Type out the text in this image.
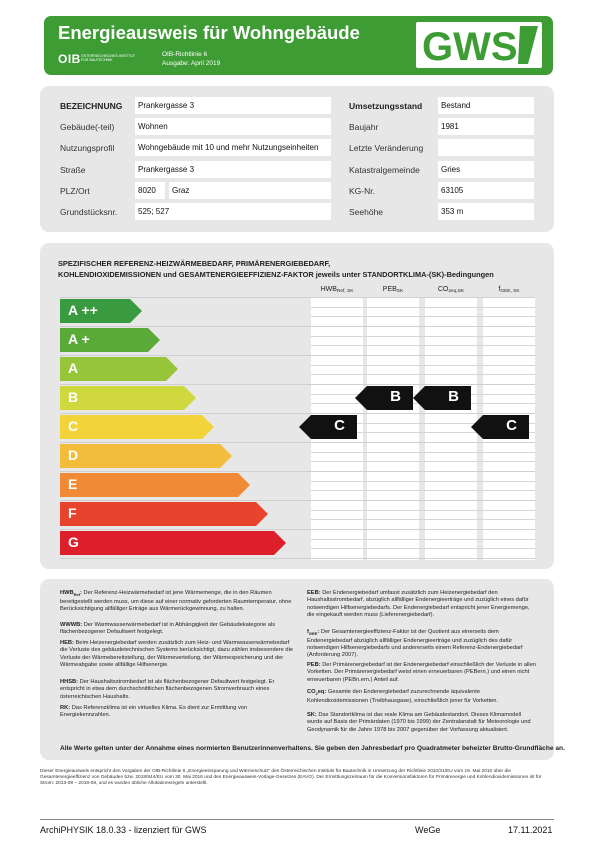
Energieausweis für Wohngebäude
OIB ÖSTERREICHISCHES INSTITUT FÜR BAUTECHNIK
OIB-Richtlinie 6
Ausgabe: April 2019	GWS
BEZEICHNUNG	Prankergasse 3
Gebäude(-teil)	Wohnen
Nutzungsprofil	Wohngebäude mit 10 und mehr Nutzungseinheiten
Straße	Prankergasse 3
PLZ/Ort	8020	Graz
Grundstücksnr.	525; 527
Umsetzungsstand	Bestand
Baujahr	1981
Letzte Veränderung
Katastralgemeinde	Gries
KG-Nr.	63105
Seehöhe	353 m
SPEZIFISCHER REFERENZ-HEIZWÄRMEBEDARF, PRIMÄRENERGIEBEDARF,
KOHLENDIOXIDEMISSIONEN und GESAMTENERGIEEFFIZIENZ-FAKTOR jeweils unter STANDORTKLIMA-(SK)-Bedingungen
$HWB_{Ref, SK}$	$PEB_{SK}$	$CO_{2eq,SK}$	$f_{GEE, SK}$
A ++
A +
A
B
C
D
E
F
G
C
B	B
C
$HWB_{Ref}$: Der Referenz-Heizwärmebedarf ist jene Wärmemenge, die in den Räumen bereitgestellt werden muss, um diese auf einer normativ geforderten Raumtemperatur, ohne Berücksichtigung allfälliger Erträge aus Wärmerückgewinnung, zu halten.
WWWB: Der Warmwasserwärmebedarf ist in Abhängigkeit der Gebäudekategorie als flächenbezogener Defaultwert festgelegt.
HEB: Beim Heizenergiebedarf werden zusätzlich zum Heiz- und Warmwasserwärmebedarf die Verluste des gebäudetechnischen Systems berücksichtigt, dazu zählen insbesondere die Verluste der Wärmebereitstellung, der Wärmeverteilung, der Wärmespeicherung und der Wärmeabgabe sowie allfällige Hilfsenergie.
HHSB: Der Haushaltsstrombedarf ist als flächenbezogener Defaultwert festgelegt. Er entspricht in etwa dem durchschnittlichen flächenbezogenen Stromverbrauch eines österreichischen Haushalts.
RK: Das Referenzklima ist ein virtuelles Klima. Es dient zur Ermittlung von Energiekennzahlen.
EEB: Der Endenergiebedarf umfasst zusätzlich zum Heizenergiebedarf den Haushaltsstrombedarf, abzüglich allfälliger Endenergieerträge und zuzüglich eines dafür notwendigen Hilfsenergiebedarfs. Der Endenergiebedarf entspricht jener Energiemenge, die eingekauft werden muss (Lieferenergiebedarf).
$f_{GEE}$: Der Gesamtenergieeffizienz-Faktor ist der Quotient aus einerseits dem Endenergiebedarf abzüglich allfälliger Endenergieerträge und zuzüglich des dafür notwendigen Hilfsenergiebedarfs und andererseits einem Referenz-Endenergiebedarf (Anforderung 2007).
PEB: Der Primärenergiebedarf ist der Endenergiebedarf einschließlich der Verluste in allen Vorketten. Der Primärenergiebedarf weist einen erneuerbaren (PEBern.) und einen nicht erneuerbaren (PEBn.ern.) Anteil auf.
$CO_2eq$: Gesamte den Endenergiebedarf zuzurechnende äquivalente Kohlendioxidemissionen (Treibhausgase), einschließlich jener für Vorketten.
SK: Das Standortklima ist das reale Klima am Gebäudestandort. Dieses Klimamodell wurde auf Basis der Primärdaten (1970 bis 1999) der Zentralanstalt für Meteorologie und Geodynamik für die Jahre 1978 bis 2007 gegenüber der Vorfassung aktualisiert.
Alle Werte gelten unter der Annahme eines normierten Benutzerinnenverhaltens. Sie geben den Jahresbedarf pro Quadratmeter beheizter Brutto-Grundfläche an.
Dieser Energieausweis entspricht den Vorgaben der OIB-Richtlinie 6 „Energieeinsparung und Wärmeschutz“ des Österreichischen Instituts für Bautechnik in Umsetzung der Richtlinie 2010/31/EU vom 19. Mai 2010 über die Gesamtenergieeffizienz von Gebäuden bzw. 2018/844/EU vom 30. Mai 2018 und des Energieausweis-Vorlage-Gesetzes (EAVG). Der Ermittlungszeitraum für die Konversionsfaktoren für Primärenergie und Kohlendioxidemissionen ist für Strom: 2013-09 – 2018-08, und es wurden übliche Allokationsregeln unterstellt.
ArchiPHYSIK 18.0.33 - lizenziert für GWS	WeGe	17.11.2021
